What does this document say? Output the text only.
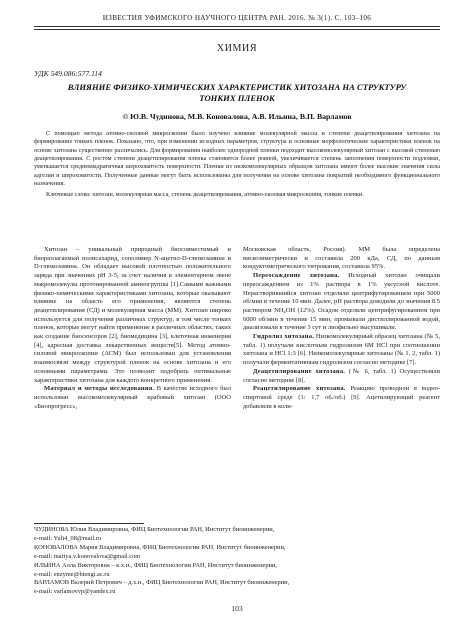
ИЗВЕСТИЯ УФИМСКОГО НАУЧНОГО ЦЕНТРА РАН. 2016. № 3(1). С. 103–106
ХИМИЯ
УДК 549.086:577.114
ВЛИЯНИЕ ФИЗИКО-ХИМИЧЕСКИХ ХАРАКТЕРИСТИК ХИТОЗАНА НА СТРУКТУРУ ТОНКИХ ПЛЕНОК
© Ю.В. Чудинова, М.В. Коновалова, А.В. Ильина, В.П. Варламов

С помощью метода атомно-силовой микроскопии было изучено влияние молекулярной массы и степени деацетилирования хитозана на формирование тонких пленок. Показано, что, при изменении исходных параметров, структура и основные морфологические характеристики пленок на основе хитозана существенно различались. Для формирования наиболее однородной пленки подходит высокомолекулярный хитозан с высокой степенью деацетилирования. С ростом степени деацетилирования пленка становится более ровной, увеличивается степень заполнения поверхности подложки, уменьшается среднеквадратичная шероховатость поверхности. Пленки из низкомолекулярных образцов хитозана имеют более высокие значения силы адгезии и шероховатости. Полученные данные могут быть использованы для получения на основе хитозана покрытий необходимого функционального назначения.

Ключевые слова: хитозан, молекулярная масса, степень деацетилирования, атомно-силовая микроскопия, тонкие пленки.

Хитозан – уникальный природный биосовместимый и биоразлагаемый полисахарид, сополимер N-ацетил-D-глюкозамина и D-глюкозамина. Он обладает высокой плотностью положительного заряда при значениях pH 3-5, за счет наличия в элементарном звене макромолекулы протонированной аминогруппы [1].Самыми важными физико-химическими характеристиками хитозана, которые оказывают влияние на область его применения, являются степень деацетилирования (СД) и молекулярная масса (ММ). Хитозан широко используется для получения различных структур, в том числе тонких пленок, которые могут найти применение в различных областях, таких как создание биосенсоров [2], биомедицина [3], клеточная инженерия [4], адресная доставка лекарственных веществ[5]. Метод атомно-силовой микроскопии (АСМ) был использован для установления взаимосвязи между структурой пленок на основе хитозана и его основными параметрами. Это позволит подобрать оптимальные характеристики хитозана для каждого конкретного применения.

Материал и методы исследования. В качестве исходного был использован высокомолекулярный крабовый хитозан (ООО «Биопрогресс»,

Московская область, Россия). ММ была определена вискозиметрически и составила 200 кДа, СД, по данным кондуктометрического титрования, составила 95%.

Переосаждение хитозана. Исходный хитозан очищали переосаждением из 1% раствора в 1% уксусной кислоте. Нерастворившийся хитозан отделяли центрифугированием при 5000 об/мин в течение 10 мин. Далее, pH раствора доводили до значения 8.5 раствором NH₄OH (12%). Осадок отделяли центрифугированием при 6000 об/мин в течение 15 мин, промывали дистиллированной водой, диализовали в течение 3 сут и лиофильно высушивали.

Гидролиз хитозана. Низкомолекулярный образец хитозана (№ 5, табл. 1) получали кислотным гидролизом 6М HCl при соотношении хитозана и HCl 1:3 [6]. Низкомолекулярные хитозаны (№ 1, 2, табл. 1) получали ферментативным гидролизом согласно методике [7].

Деацетилирование хитозана. (№ 6, табл. 1) Осуществляли согласно методике [8].

Реацетилирование хитозана. Реакцию проводили в водно-спиртовой среде (1: 1,7 об./об.) [9]. Ацетилирующий реагент добавляли в коли-

ЧУДИНОВА Юлия Владимировна, ФИЦ Биотехнологии РАН, Институт биоинженерии,
e-mail: Yuli4_08@mail.ru
КОНОВАЛОВА Мария Владимировна, ФИЦ Биотехнологии РАН, Институт биоинженерии,
e-mail: mariya.v.konovalova@gmail.com
ИЛЬИНА Алла Викторовна – к.х.н., ФИЦ Биотехнологии РАН, Институт биоинженерии,
e-mail: enzyme@biengi.ac.ru
ВАРЛАМОВ Валерий Петрович – д.х.н., ФИЦ Биотехнологии РАН, Институт биоинженерии,
e-mail: varlamovvp@yandex.ru
103
